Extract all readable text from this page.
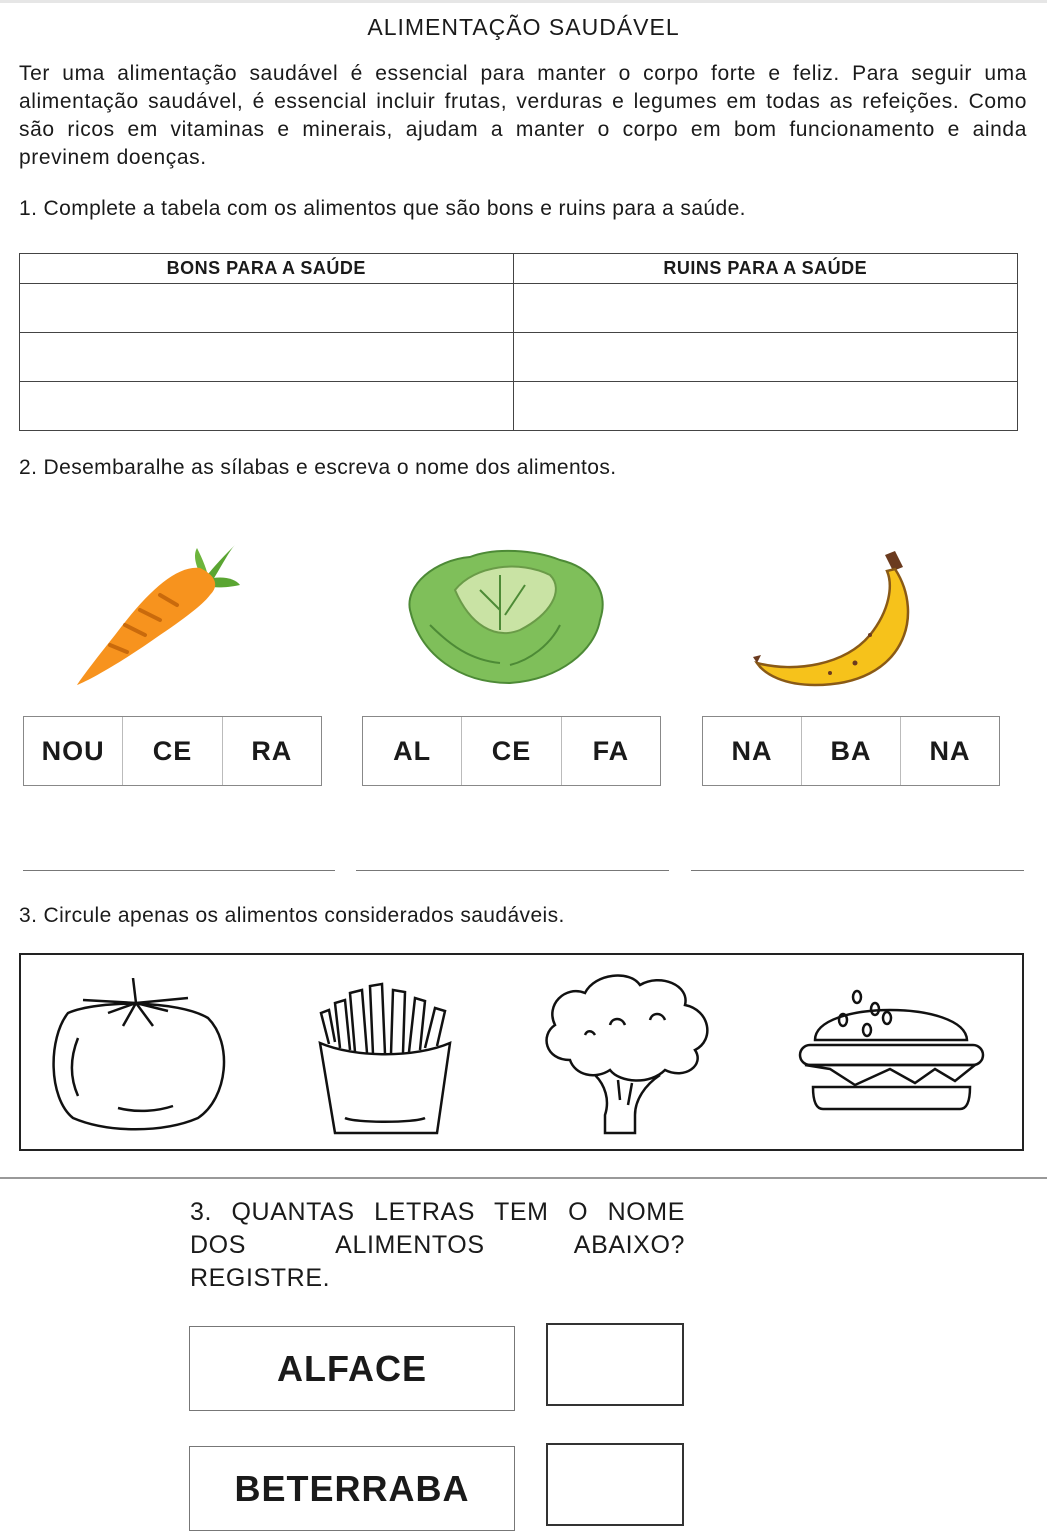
ALIMENTAÇÃO SAUDÁVEL
Ter uma alimentação saudável é essencial para manter o corpo forte e feliz. Para seguir uma alimentação saudável, é essencial incluir frutas, verduras e legumes em todas as refeições. Como são ricos em vitaminas e minerais, ajudam a manter o corpo em bom funcionamento e ainda previnem doenças.
1. Complete a tabela com os alimentos que são bons e ruins para a saúde.
BONS PARA A SAÚDE	RUINS PARA A SAÚDE

2. Desembaralhe as sílabas e escreva o nome dos alimentos.
NOU	CE	RA	AL	CE	FA	NA	BA	NA
3. Circule apenas os alimentos considerados saudáveis.
3. QUANTAS LETRAS TEM O NOME
DOS ALIMENTOS ABAIXO?
REGISTRE.
ALFACE
BETERRABA
